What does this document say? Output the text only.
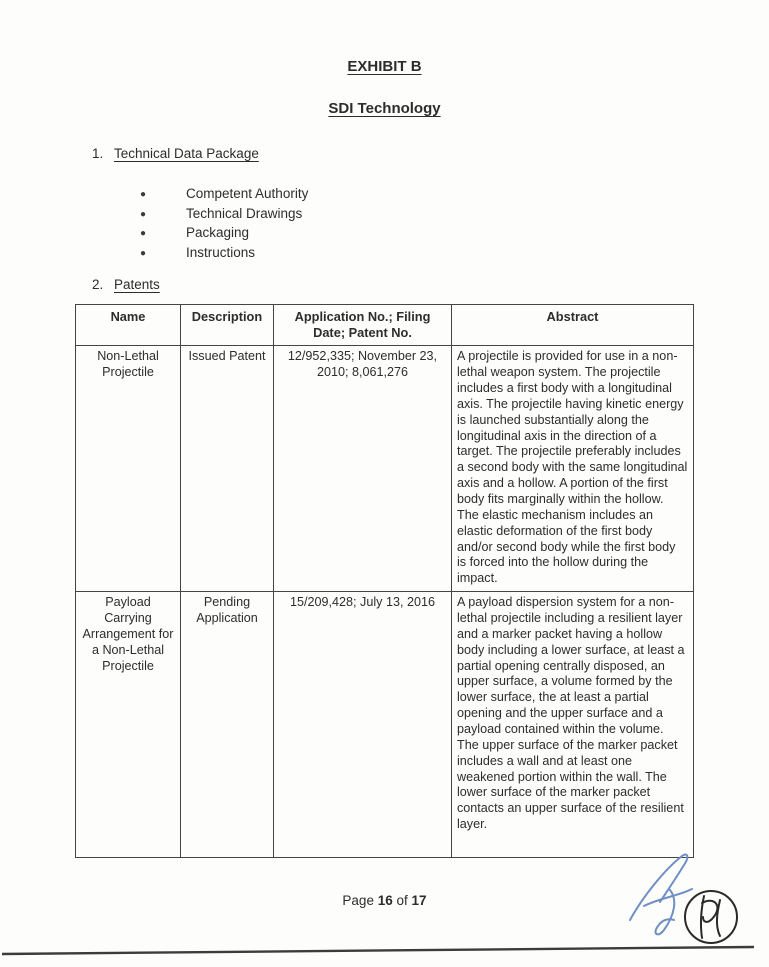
EXHIBIT B
SDI Technology
1. Technical Data Package
●	Competent Authority
●	Technical Drawings
●	Packaging
●	Instructions
2. Patents
Name	Description	Application No.; Filing Date; Patent No.	Abstract
Non-Lethal Projectile	Issued Patent	12/952,335; November 23, 2010; 8,061,276	A projectile is provided for use in a non-lethal weapon system. The projectile includes a first body with a longitudinal axis. The projectile having kinetic energy is launched substantially along the longitudinal axis in the direction of a target. The projectile preferably includes a second body with the same longitudinal axis and a hollow. A portion of the first body fits marginally within the hollow. The elastic mechanism includes an elastic deformation of the first body and/or second body while the first body is forced into the hollow during the impact.
Payload Carrying Arrangement for a Non-Lethal Projectile	Pending Application	15/209,428; July 13, 2016	A payload dispersion system for a non-lethal projectile including a resilient layer and a marker packet having a hollow body including a lower surface, at least a partial opening centrally disposed, an upper surface, a volume formed by the lower surface, the at least a partial opening and the upper surface and a payload contained within the volume. The upper surface of the marker packet includes a wall and at least one weakened portion within the wall. The lower surface of the marker packet contacts an upper surface of the resilient layer.
Page 16 of 17
